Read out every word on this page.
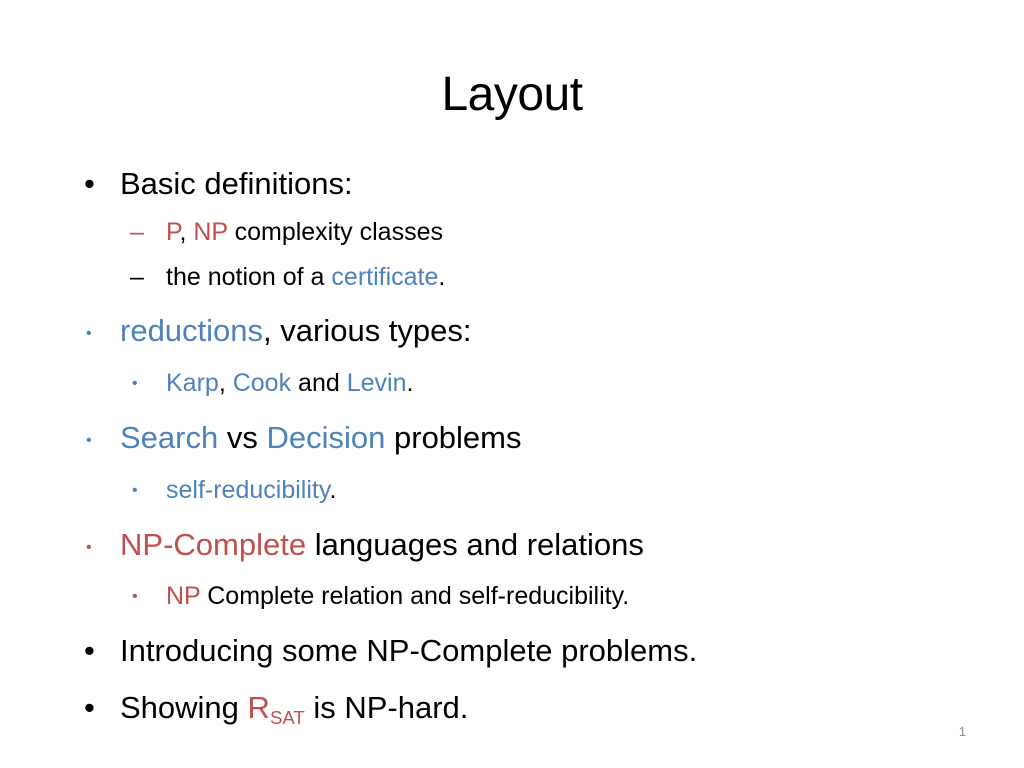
Layout
• Basic definitions:
– P, NP complexity classes
– the notion of a certificate.
• reductions, various types:
• Karp, Cook and Levin.
• Search vs Decision problems
• self-reducibility.
• NP-Complete languages and relations
• NP Complete relation and self-reducibility.
• Introducing some NP-Complete problems.
• Showing $R_{SAT}$ is NP-hard.
1
